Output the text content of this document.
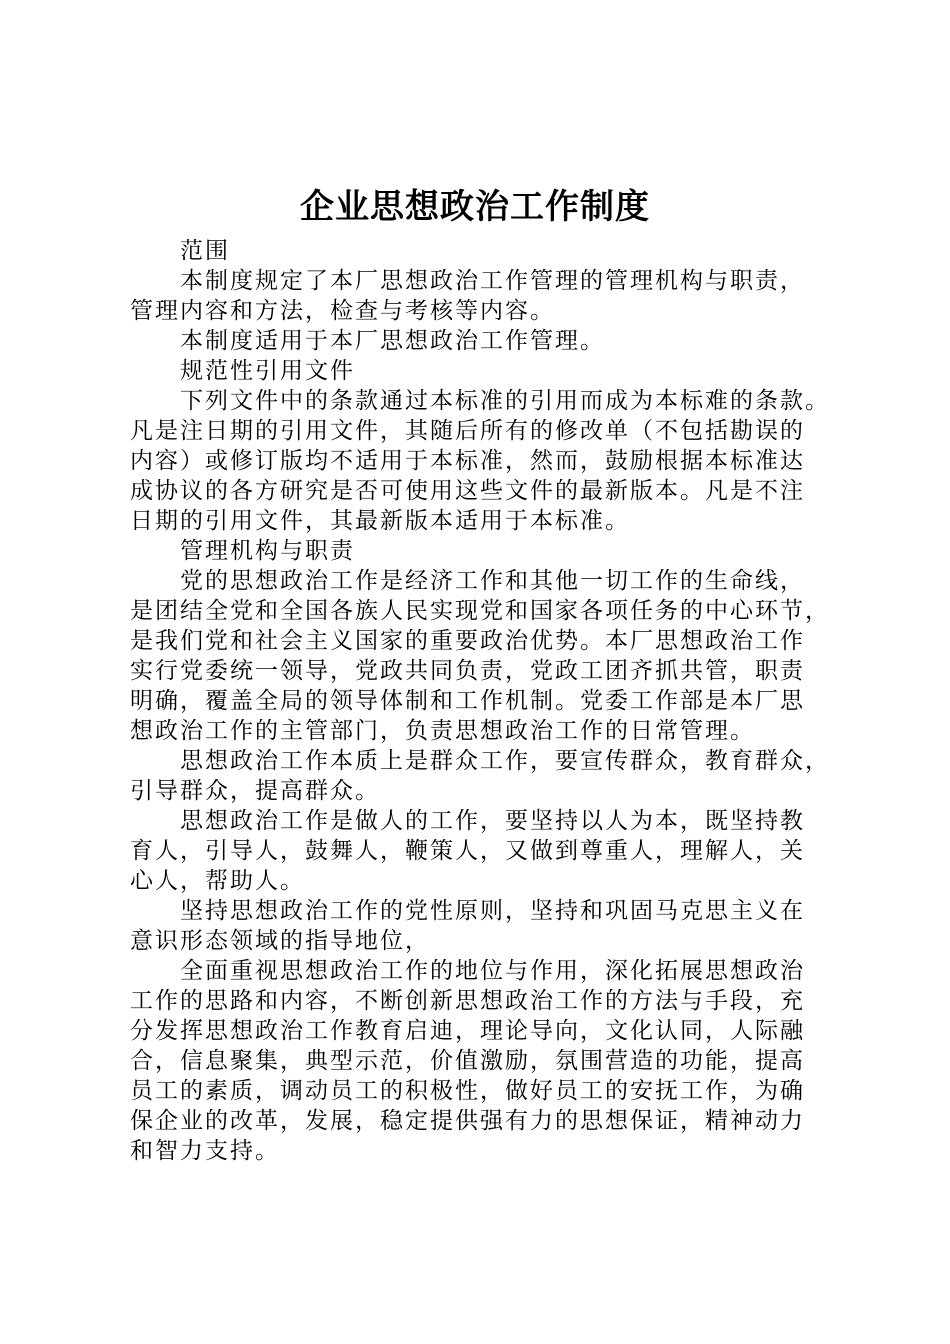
企业思想政治工作制度
范围
本制度规定了本厂思想政治工作管理的管理机构与职责，
管理内容和方法，检查与考核等内容。
本制度适用于本厂思想政治工作管理。
规范性引用文件
下列文件中的条款通过本标准的引用而成为本标难的条款。
凡是注日期的引用文件，其随后所有的修改单（不包括勘误的
内容）或修订版均不适用于本标准，然而，鼓励根据本标准达
成协议的各方研究是否可使用这些文件的最新版本。凡是不注
日期的引用文件，其最新版本适用于本标准。
管理机构与职责
党的思想政治工作是经济工作和其他一切工作的生命线，
是团结全党和全国各族人民实现党和国家各项任务的中心环节，
是我们党和社会主义国家的重要政治优势。本厂思想政治工作
实行党委统一领导，党政共同负责，党政工团齐抓共管，职责
明确，覆盖全局的领导体制和工作机制。党委工作部是本厂思
想政治工作的主管部门，负责思想政治工作的日常管理。
思想政治工作本质上是群众工作，要宣传群众，教育群众，
引导群众，提高群众。
思想政治工作是做人的工作，要坚持以人为本，既坚持教
育人，引导人，鼓舞人，鞭策人，又做到尊重人，理解人，关
心人，帮助人。
坚持思想政治工作的党性原则，坚持和巩固马克思主义在
意识形态领域的指导地位，
全面重视思想政治工作的地位与作用，深化拓展思想政治
工作的思路和内容，不断创新思想政治工作的方法与手段，充
分发挥思想政治工作教育启迪，理论导向，文化认同，人际融
合，信息聚集，典型示范，价值激励，氛围营造的功能，提高
员工的素质，调动员工的积极性，做好员工的安抚工作，为确
保企业的改革，发展，稳定提供强有力的思想保证，精神动力
和智力支持。
